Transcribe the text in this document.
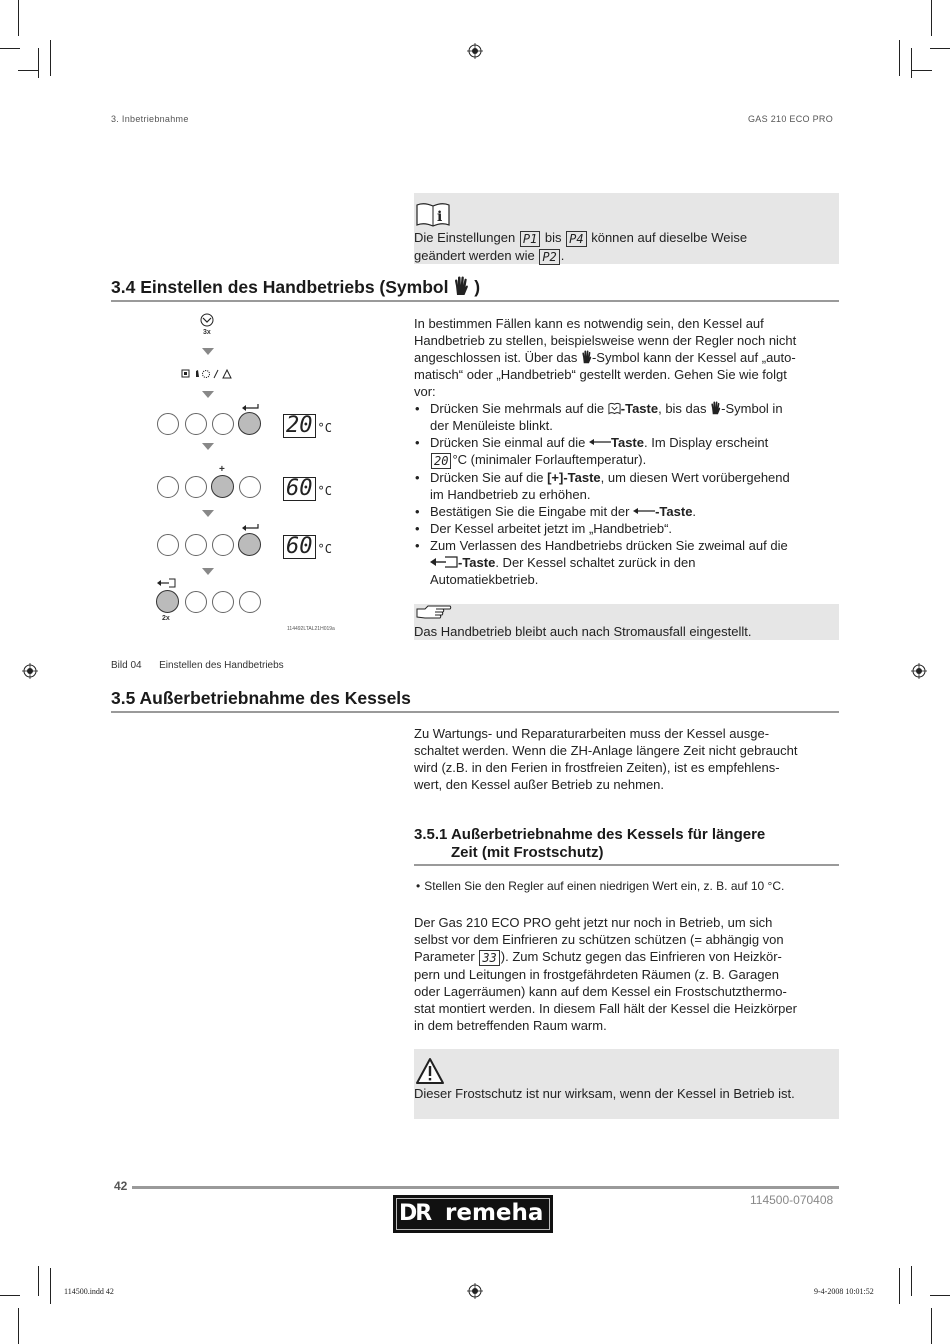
3. Inbetriebnahme	GAS 210 ECO PRO
i
Die Einstellungen P1 bis P4 können auf dieselbe Weise
geändert werden wie P2 .
3.4 Einstellen des Handbetriebs (Symbol )
3x
20 °C
+
60 °C
60 °C
2x
114492LTAL21H019a
Bild 04 Einstellen des Handbetriebs
In bestimmen Fällen kann es notwendig sein, den Kessel auf
Handbetrieb zu stellen, beispielsweise wenn der Regler noch nicht
angeschlossen ist. Über das -Symbol kann der Kessel auf „auto-
matisch“ oder „Handbetrieb“ gestellt werden. Gehen Sie wie folgt
vor:
• Drücken Sie mehrmals auf die -Taste, bis das -Symbol in
der Menüleiste blinkt.
• Drücken Sie einmal auf die Taste. Im Display erscheint
20 °C (minimaler Forlauftemperatur).
• Drücken Sie auf die [+]-Taste, um diesen Wert vorübergehend
im Handbetrieb zu erhöhen.
• Bestätigen Sie die Eingabe mit der -Taste.
• Der Kessel arbeitet jetzt im „Handbetrieb“.
• Zum Verlassen des Handbetriebs drücken Sie zweimal auf die
-Taste. Der Kessel schaltet zurück in den
Automatiekbetrieb.
Das Handbetrieb bleibt auch nach Stromausfall eingestellt.
3.5 Außerbetriebnahme des Kessels
Zu Wartungs- und Reparaturarbeiten muss der Kessel ausge-
schaltet werden. Wenn die ZH-Anlage längere Zeit nicht gebraucht
wird (z.B. in den Ferien in frostfreien Zeiten), ist es empfehlens-
wert, den Kessel außer Betrieb zu nehmen.
3.5.1 Außerbetriebnahme des Kessels für längere
Zeit (mit Frostschutz)
• Stellen Sie den Regler auf einen niedrigen Wert ein, z. B. auf 10 °C.
Der Gas 210 ECO PRO geht jetzt nur noch in Betrieb, um sich
selbst vor dem Einfrieren zu schützen schützen (= abhängig von
Parameter 33 ). Zum Schutz gegen das Einfrieren von Heizkör-
pern und Leitungen in frostgefährdeten Räumen (z. B. Garagen
oder Lagerräumen) kann auf dem Kessel ein Frostschutzthermo-
stat montiert werden. In diesem Fall hält der Kessel die Heizkörper
in dem betreffenden Raum warm.
Dieser Frostschutz ist nur wirksam, wenn der Kessel in Betrieb ist.
42
114500-070408
DR remeha
114500.indd 42	9-4-2008 10:01:52
